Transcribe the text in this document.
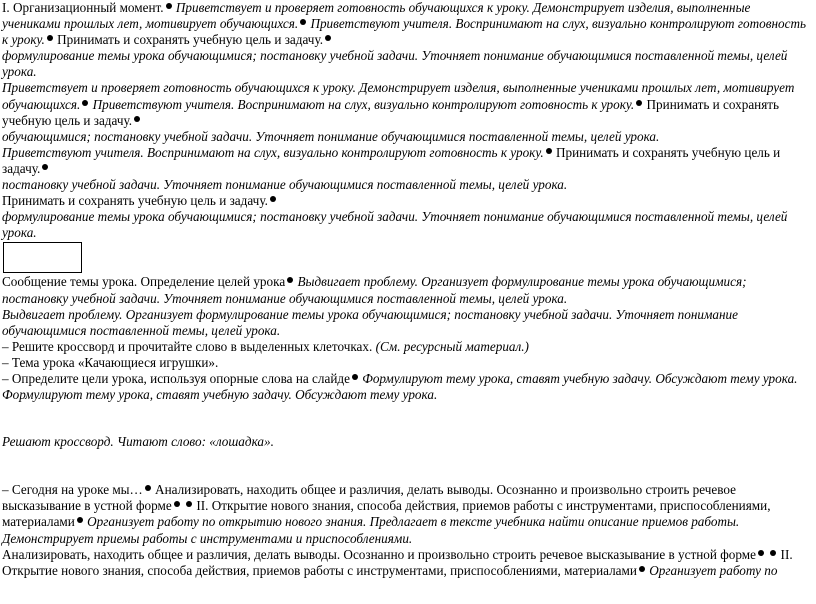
I. Организационный момент. Приветствует и проверяет готовность обучающихся к уроку. Демонстрирует изделия, выполненные учениками прошлых лет, мотивирует обучающихся. Приветствуют учителя. Воспринимают на слух, визуально контролируют готовность к уроку. Принимать и сохранять учебную цель и задачу.

формулирование темы урока обучающимися; постановку учебной задачи. Уточняет понимание обучающимися поставленной темы, целей урока.

Приветствует и проверяет готовность обучающихся к уроку. Демонстрирует изделия, выполненные учениками прошлых лет, мотивирует обучающихся. Приветствуют учителя. Воспринимают на слух, визуально контролируют готовность к уроку. Принимать и сохранять учебную цель и задачу.

обучающимися; постановку учебной задачи. Уточняет понимание обучающимися поставленной темы, целей урока.

Приветствуют учителя. Воспринимают на слух, визуально контролируют готовность к уроку. Принимать и сохранять учебную цель и задачу.

постановку учебной задачи. Уточняет понимание обучающимися поставленной темы, целей урока.

Принимать и сохранять учебную цель и задачу.

формулирование темы урока обучающимися; постановку учебной задачи. Уточняет понимание обучающимися поставленной темы, целей урока.

Сообщение темы урока. Определение целей урока Выдвигает проблему. Организует формулирование темы урока обучающимися; постановку учебной задачи. Уточняет понимание обучающимися поставленной темы, целей урока.

Выдвигает проблему. Организует формулирование темы урока обучающимися; постановку учебной задачи. Уточняет понимание обучающимися поставленной темы, целей урока.

– Решите кроссворд и прочитайте слово в выделенных клеточках. (См. ресурсный материал.)

– Тема урока «Качающиеся игрушки».

– Определите цели урока, используя опорные слова на слайде Формулируют тему урока, ставят учебную задачу. Обсуждают тему урока.

Формулируют тему урока, ставят учебную задачу. Обсуждают тему урока.

Решают кроссворд. Читают слово: «лошадка».

– Сегодня на уроке мы… Анализировать, находить общее и различия, делать выводы. Осознанно и произвольно строить речевое высказывание в устной форме II. Открытие нового знания, способа действия, приемов работы с инструментами, приспособлениями, материалами Организует работу по открытию нового знания. Предлагает в тексте учебника найти описание приемов работы. Демонстрирует приемы работы с инструментами и приспособлениями.

Анализировать, находить общее и различия, делать выводы. Осознанно и произвольно строить речевое высказывание в устной форме II. Открытие нового знания, способа действия, приемов работы с инструментами, приспособлениями, материалами Организует работу по
